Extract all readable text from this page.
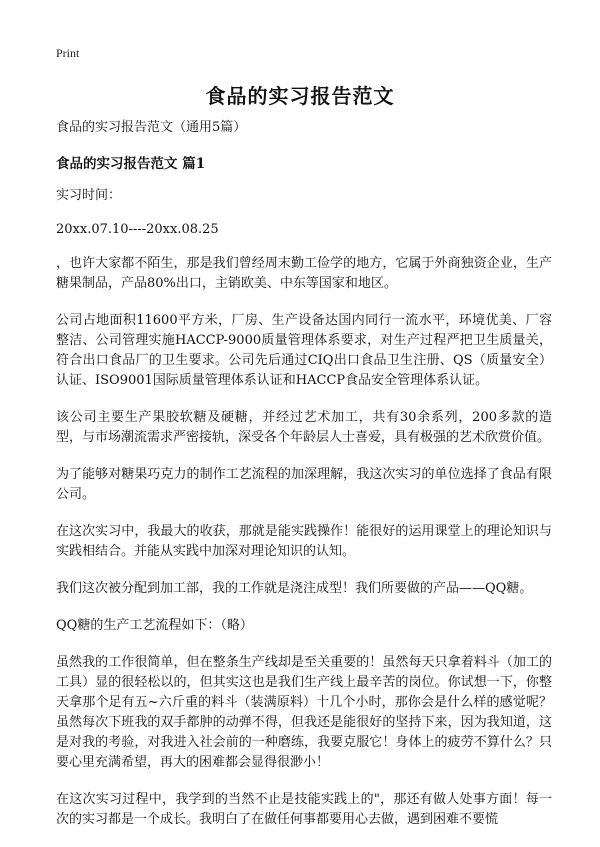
Print
食品的实习报告范文
食品的实习报告范文（通用5篇）
食品的实习报告范文 篇1
实习时间：
20xx.07.10----20xx.08.25

，也许大家都不陌生，那是我们曾经周末勤工俭学的地方，它属于外商独资企业，生产糖果制品，产品80%出口，主销欧美、中东等国家和地区。

公司占地面积11600平方米，厂房、生产设备达国内同行一流水平，环境优美、厂容整洁、公司管理实施HACCP-9000质量管理体系要求，对生产过程严把卫生质量关，符合出口食品厂的卫生要求。公司先后通过CIQ出口食品卫生注册、QS（质量安全）认证、ISO9001国际质量管理体系认证和HACCP食品安全管理体系认证。

该公司主要生产果胶软糖及硬糖，并经过艺术加工，共有30余系列，200多款的造型，与市场潮流需求严密接轨，深受各个年龄层人士喜爱，具有极强的艺术欣赏价值。

为了能够对糖果巧克力的制作工艺流程的加深理解，我这次实习的单位选择了食品有限公司。

在这次实习中，我最大的收获，那就是能实践操作！能很好的运用课堂上的理论知识与实践相结合。并能从实践中加深对理论知识的认知。

我们这次被分配到加工部，我的工作就是浇注成型！我们所要做的产品——QQ糖。

QQ糖的生产工艺流程如下：（略）

虽然我的工作很简单，但在整条生产线却是至关重要的！虽然每天只拿着料斗（加工的工具）显的很轻松以的，但其实这也是我们生产线上最辛苦的岗位。你试想一下，你整天拿那个足有五~六斤重的料斗（装满原料）十几个小时，那你会是什么样的感觉呢？虽然每次下班我的双手都肿的动弹不得，但我还是能很好的坚持下来，因为我知道，这是对我的考验，对我进入社会前的一种磨练，我要克服它！身体上的疲劳不算什么？只要心里充满希望，再大的困难都会显得很渺小！

在这次实习过程中，我学到的当然不止是技能实践上的"，那还有做人处事方面！每一次的实习都是一个成长。我明白了在做任何事都要用心去做，遇到困难不要慌
